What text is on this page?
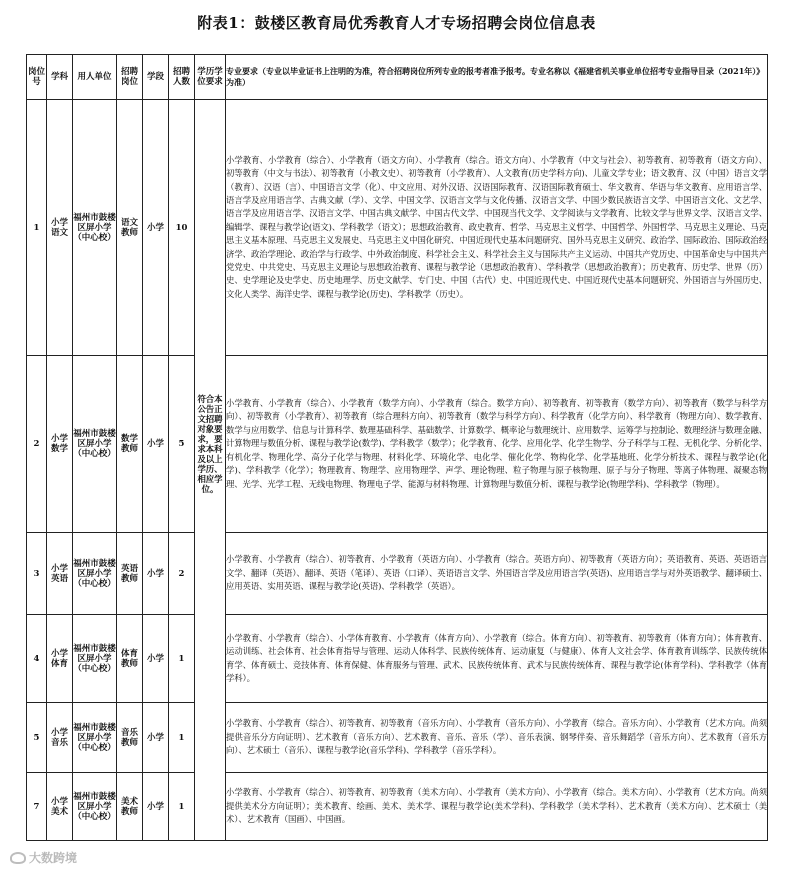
附表1：鼓楼区教育局优秀教育人才专场招聘会岗位信息表
岗位号	学科	用人单位	招聘岗位	学段	招聘人数	学历学位要求	专业要求（专业以毕业证书上注明的为准，符合招聘岗位所列专业的报考者准予报考。专业名称以《福建省机关事业单位招考专业指导目录（2021年）》为准）
1	小学语文	福州市鼓楼区屏小学（中心校）	语文教师	小学	10		小学教育、小学教育（综合）、小学教育（语文方向）、小学教育（综合。语文方向）、小学教育（中文与社会）、初等教育、初等教育（语文方向）、初等教育（中文与书法）、初等教育（小教文史）、初等教育（小学教育）、人文教育(历史学科方向)、儿童文学专业；语文教育、汉（中国）语言文学（教育）、汉语（言）、中国语言文学（化）、中文应用、对外汉语、汉语国际教育、汉语国际教育硕士、华文教育、华语与华文教育、应用语言学、语言学及应用语言学、古典文献（学）、文学、中国文学、汉语言文学与文化传播、汉语言文学、中国少数民族语言文学、中国语言文化、文艺学、语言学及应用语言学、汉语言文学、中国古典文献学、中国古代文学、中国现当代文学、文学阅读与文学教育、比较文学与世界文学、汉语言文学、编辑学、课程与教学论(语文)、学科教学（语文）；思想政治教育、政史教育、哲学、马克思主义哲学、中国哲学、外国哲学、马克思主义理论、马克思主义基本原理、马克思主义发展史、马克思主义中国化研究、中国近现代史基本问题研究、国外马克思主义研究、政治学、国际政治、国际政治经济学、政治学理论、政治学与行政学、中外政治制度、科学社会主义、科学社会主义与国际共产主义运动、中国共产党历史、中国革命史与中国共产党党史、中共党史、马克思主义理论与思想政治教育、课程与教学论（思想政治教育）、学科教学（思想政治教育）；历史教育、历史学、世界（历）史、史学理论及史学史、历史地理学、历史文献学、专门史、中国（古代）史、中国近现代史、中国近现代史基本问题研究、外国语言与外国历史、文化人类学、海洋史学、课程与教学论(历史)、学科教学（历史）。
2	小学数学	福州市鼓楼区屏小学（中心校）	数学教师	小学	5	符合本公告正文招聘对象要求，要求本科及以上学历、相应学位。	小学教育、小学教育（综合）、小学教育（数学方向）、小学教育（综合。数学方向）、初等教育、初等教育（数学方向）、初等教育（数学与科学方向）、初等教育（小学教育）、初等教育（综合理科方向）、初等教育（数学与科学方向）、科学教育（化学方向）、科学教育（物理方向）、数学教育、数学与应用数学、信息与计算科学、数理基础科学、基础数学、计算数学、概率论与数理统计、应用数学、运筹学与控制论、数理经济与数理金融、计算物理与数值分析、课程与教学论(数学)、学科教学（数学）；化学教育、化学、应用化学、化学生物学、分子科学与工程、无机化学、分析化学、有机化学、物理化学、高分子化学与物理、材料化学、环境化学、电化学、催化化学、物构化学、化学基地班、化学分析技术、课程与教学论(化学)、学科教学（化学）；物理教育、物理学、应用物理学、声学、理论物理、粒子物理与原子核物理、原子与分子物理、等离子体物理、凝聚态物理、光学、光学工程、无线电物理、物理电子学、能源与材料物理、计算物理与数值分析、课程与教学论(物理学科)、学科教学（物理）。
3	小学英语	福州市鼓楼区屏小学（中心校）	英语教师	小学	2		小学教育、小学教育（综合）、初等教育、小学教育（英语方向）、小学教育（综合。英语方向）、初等教育（英语方向）；英语教育、英语、英语语言文学、翻译（英语）、翻译、英语（笔译）、英语（口译）、英语语言文学、外国语言学及应用语言学(英语)、应用语言学与对外英语教学、翻译硕士、应用英语、实用英语、课程与教学论(英语)、学科教学（英语）。
4	小学体育	福州市鼓楼区屏小学（中心校）	体育教师	小学	1		小学教育、小学教育（综合）、小学体育教育、小学教育（体育方向）、小学教育（综合。体育方向）、初等教育、初等教育（体育方向）；体育教育、运动训练、社会体育、社会体育指导与管理、运动人体科学、民族传统体育、运动康复（与健康）、体育人文社会学、体育教育训练学、民族传统体育学、体育硕士、竞技体育、体育保健、体育服务与管理、武术、民族传统体育、武术与民族传统体育、课程与教学论(体育学科)、学科教学（体育学科）。
5	小学音乐	福州市鼓楼区屏小学（中心校）	音乐教师	小学	1		小学教育、小学教育（综合）、初等教育、初等教育（音乐方向）、小学教育（音乐方向）、小学教育（综合。音乐方向）、小学教育（艺术方向。尚须提供音乐分方向证明）、艺术教育（音乐方向）、艺术教育、音乐、音乐（学）、音乐表演、钢琴伴奏、音乐舞蹈学（音乐方向）、艺术教育（音乐方向）、艺术硕士（音乐）、课程与教学论(音乐学科)、学科教学（音乐学科）。
7	小学美术	福州市鼓楼区屏小学（中心校）	美术教师	小学	1		小学教育、小学教育（综合）、初等教育、初等教育（美术方向）、小学教育（美术方向）、小学教育（综合。美术方向）、小学教育（艺术方向。尚须提供美术分方向证明）；美术教育、绘画、美术、美术学、课程与教学论(美术学科)、学科教学（美术学科）、艺术教育（美术方向）、艺术硕士（美术）、艺术教育（国画）、中国画。
大数跨境
